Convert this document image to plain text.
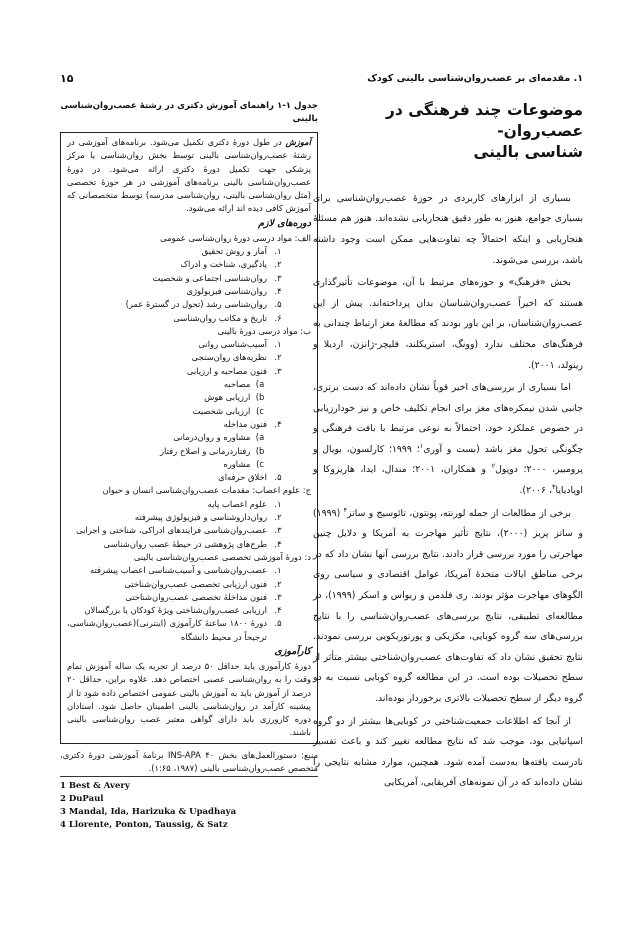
۱. مقدمه‌ای بر عصب‌روان‌شناسی بالینی کودک
۱۵
موضوعات چند فرهنگی در عصب‌روان-
شناسی بالینی

بسیاری از ابزارهای کاربردی در حوزهٔ عصب‌روان‌شناسی برای بسیاری جوامع، هنوز به طور دقیق هنجاریابی نشده‌اند. هنوز هم مسئلهٔ هنجاریابی و اینکه احتمالاً چه تفاوت‌هایی ممکن است وجود داشته باشد، بررسی می‌شوند.

بخش «فرهنگ» و حوزه‌های مرتبط با آن، موضوعات تأثیرگذاری هستند که اخیراً عصب‌روان‌شناسان بدان پرداخته‌اند. پیش از این عصب‌روان‌شناسان، بر این باور بودند که مطالعهٔ مغز ارتباط چندانی به فرهنگ‌های مختلف ندارد (وونگ، استریکلند، فلیچر-ژانزن، اردیلا و رینولد، ۲۰۰۱).

اما بسیاری از بررسی‌های اخیر قویاً نشان داده‌اند که دست برتری، جانبی شدن نیمکره‌های مغز برای انجام تکلیف خاص و نیز خودارزیابی در خصوص عملکرد خود، احتمالاً به نوعی مرتبط با بافت فرهنگی و چگونگی تحول مغز باشد (بست و آوری$^۱$؛ ۱۹۹۹؛ کارلسون، بویال و پرومبیر، ۲۰۰۰؛ دوپول$^۲$ و همکاران، ۲۰۰۱؛ مندال، ایدا، هاریزوکا و اوپادیایا$^۳$، ۲۰۰۶).

برخی از مطالعات از جمله لورنته، پونتون، تائوسیج و ساتز$^۴$ (۱۹۹۹) و ساتز پریز (۲۰۰۰)، نتایج تأثیر مهاجرت به آمریکا و دلایل چنین مهاجرتی را مورد بررسی قرار دادند. نتایج بررسی آنها نشان داد که در برخی مناطق ایالات متحدهٔ آمریکا، عوامل اقتصادی و سیاسی روی الگوهای مهاجرت مؤثر بودند. ری فلدمن و ریواس و اسکر (۱۹۹۹)، در مطالعه‌ای تطبیقی، نتایج بررسی‌های عصب‌روان‌شناسی را با نتایج بررسی‌های سه گروه کوبایی، مکزیکی و پورتوریکویی بررسی نمودند. نتایج تحقیق نشان داد که تفاوت‌های عصب‌روان‌شناختی بیشتر متأثر از سطح تحصیلات بوده است. در این مطالعه گروه کوبایی نسبت به دو گروه دیگر از سطح تحصیلات بالاتری برخوردار بوده‌اند.

از آنجا که اطلاعات جمعیت‌شناختی در کوبایی‌ها بیشتر از دو گروه اسپانیایی بود، موجب شد که نتایج مطالعه تغییر کند و باعث تفسیر نادرست یافته‌ها به‌دست آمده شود. همچنین، موارد مشابه نتایجی را نشان داده‌اند که در آن نمونه‌های آفریقایی، آمریکایی

1 Best & Avery
2 DuPaul
3 Mandal, Ida, Harizuka & Upadhaya
4 Llorente, Ponton, Taussig, & Satz
جدول ۱-۱ راهنمای آموزش دکتری در رشتهٔ عصب‌روان‌شناسی بالینی

آموزش در طول دورهٔ دکتری تکمیل می‌شود. برنامه‌های آموزشی در رشتهٔ عصب‌روان‌شناسی بالینی توسط بخش روان‌شناسی یا مرکز پزشکی جهت تکمیل دورهٔ دکتری ارائه می‌شود. در دورهٔ عصب‌روان‌شناسی بالینی برنامه‌های آموزشی در هر حوزهٔ تخصصی (مثل روان‌شناسی بالینی، روان‌شناسی مدرسه) توسط متخصصانی که آموزش کافی دیده اند ارائه می‌شود.

دوره‌های لازم
الف: مواد درسی دورهٔ روان‌شناسی عمومی
۱.
آمار و روش تحقیق
۲.
یادگیری، شناخت و ادراک
۳.
روان‌شناسی اجتماعی و شخصیت
۴.
روان‌شناسی فیزیولوژی
۵.
روان‌شناسی رشد (تحول در گسترهٔ عمر)
۶.
تاریخ و مکاتب روان‌شناسی
ب: مواد درسی دورهٔ بالینی
۱.
آسیب‌شناسی روانی
۲.
نظریه‌های روان‌سنجی
۳.
فنون مصاحبه و ارزیابی
(a

مصاحبه
(b

ارزیابی هوش
(c

ارزیابی شخصیت
۴.
فنون مداخله
(a

مشاوره و روان‌درمانی
(b

رفتاردرمانی و اصلاح رفتار
(c

مشاوره
۵.
اخلاق حرفه‌ای
ج: علوم اعصاب: مقدمات عصب‌روان‌شناسی انسان و حیوان
۱.
علوم اعصاب پایه
۲.
روان‌داروشناسی و فیزیولوژی پیشرفته
۳.
عصب‌روان‌شناسی فرایندهای ادراکی، شناختی و اجرایی
۴.
طرح‌های پژوهشی در حیطهٔ عصب روان‌شناسی
د: دورهٔ آموزشی تخصصی عصب‌روان‌شناسی بالینی
۱.
عصب‌روان‌شناسی و آسیب‌شناسی اعصاب پیشرفته
۲.
فنون ارزیابی تخصصی عصب‌روان‌شناختی
۳.
فنون مداخلهٔ تخصصی عصب‌روان‌شناختی
۴.
ارزیابی عصب‌روان‌شناختی ویژهٔ کودکان یا بزرگسالان
۵.
دورهٔ ۱۸۰۰ ساعتهٔ کارآموزی (اینترنی)(عصب‌روان‌شناسی، ترجیحاً در محیط دانشگاه
کارآموزی

دورهٔ کارآموزی باید حداقل ۵۰ درصد از تجربه یک ساله آموزش تمام وقت را به روان‌شناسی عصبی اختصاص دهد. علاوه براین، حداقل ۲۰ درصد از آموزش باید به آموزش بالینی عمومی اختصاص داده شود تا از پیشینه کارآمد در روان‌شناسی بالینی اطمینان حاصل شود. استادان دوره کارورزی باید دارای گواهی معتبر عصب روان‌شناسی بالینی باشند.

منبع: دستورالعمل‌های بخش ۴۰ INS-APA برنامهٔ آموزشی دورهٔ دکتری، متخصص عصب‌روان‌شناسی بالینی (۱۹۸۷، ۱:۶۵).
